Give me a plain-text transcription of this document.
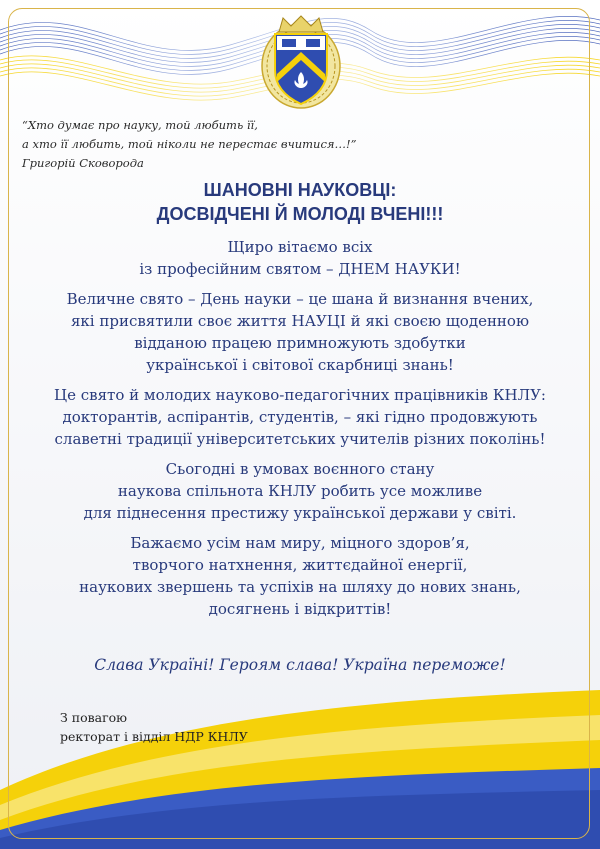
“Хто думає про науку, той любить її,
а хто її любить, той ніколи не перестає вчитися…!”
Григорій Сковорода
ШАНОВНІ НАУКОВЦІ:
ДОСВІДЧЕНІ Й МОЛОДІ ВЧЕНІ!!!

Щиро вітаємо всіх
із професійним святом – ДНЕМ НАУКИ!

Величне свято – День науки – це шана й визнання вчених,
які присвятили своє життя НАУЦІ й які своєю щоденною
відданою працею примножують здобутки
української і світової скарбниці знань!

Це свято й молодих науково-педагогічних працівників КНЛУ:
докторантів, аспірантів, студентів, – які гідно продовжують
славетні традиції університетських учителів різних поколінь!

Сьогодні в умовах воєнного стану
наукова спільнота КНЛУ робить усе можливе
для піднесення престижу української держави у світі.

Бажаємо усім нам миру, міцного здоров’я,
творчого натхнення, життєдайної енергії,
наукових звершень та успіхів на шляху до нових знань,
досягнень і відкриттів!

Слава Україні! Героям слава! Україна переможе!

З повагою
ректорат і відділ НДР КНЛУ
